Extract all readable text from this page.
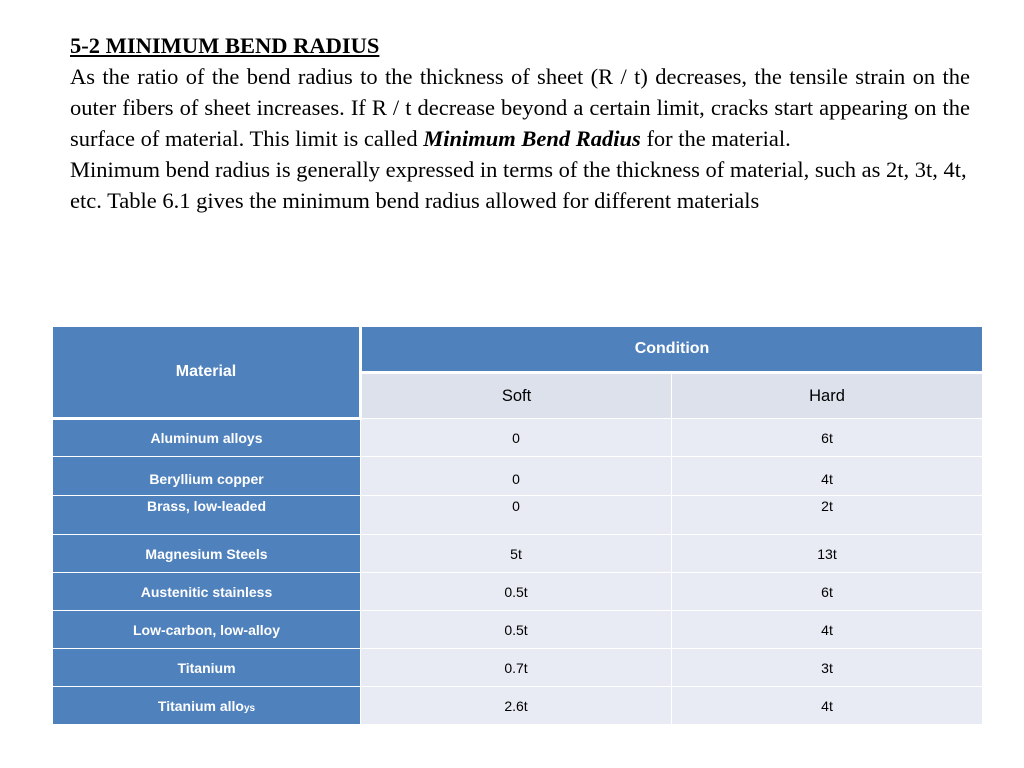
5-2 MINIMUM BEND RADIUS
As the ratio of the bend radius to the thickness of sheet (R / t) decreases, the tensile strain on the outer fibers of sheet increases. If R / t decrease beyond a certain limit, cracks start appearing on the surface of material. This limit is called Minimum Bend Radius for the material.
Minimum bend radius is generally expressed in terms of the thickness of material, such as 2t, 3t, 4t, etc. Table 6.1 gives the minimum bend radius allowed for different materials
Material	Condition	
	Soft	Hard
Aluminum alloys	0	6t
Beryllium copper	0	4t
Brass, low-leaded	0	2t
Magnesium Steels	5t	13t
Austenitic stainless	0.5t	6t
Low-carbon, low-alloy	0.5t	4t
Titanium	0.7t	3t
Titanium alloys	2.6t	4t
